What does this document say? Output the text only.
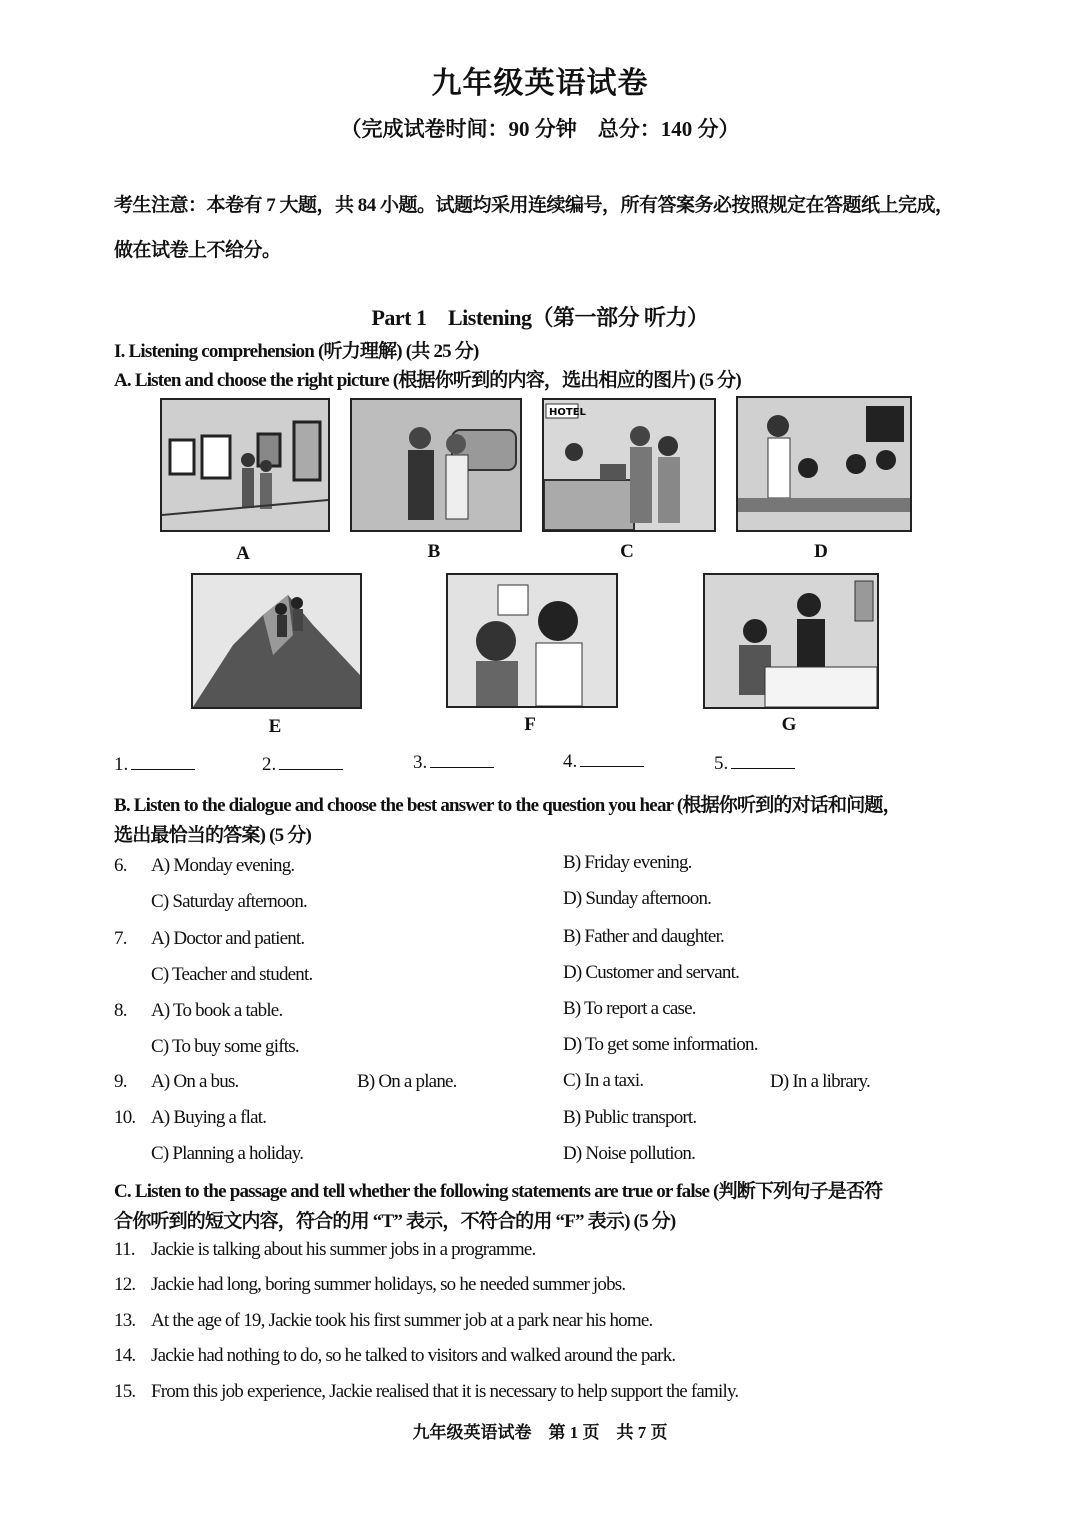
九年级英语试卷
（完成试卷时间：90 分钟　总分：140 分）
考生注意：本卷有 7 大题，共 84 小题。试题均采用连续编号，所有答案务必按照规定在答题纸上完成，
做在试卷上不给分。
Part 1　Listening（第一部分 听力）
I. Listening comprehension (听力理解) (共 25 分)
A. Listen and choose the right picture (根据你听到的内容，选出相应的图片) (5 分)
HOTEL
A	B	C	D
E	F	G
1.	2.	3.	4.	5.
B. Listen to the dialogue and choose the best answer to the question you hear (根据你听到的对话和问题，
选出最恰当的答案) (5 分)
6. A) Monday evening.	B) Friday evening.
C) Saturday afternoon.	D) Sunday afternoon.
7. A) Doctor and patient.	B) Father and daughter.
C) Teacher and student.	D) Customer and servant.
8. A) To book a table.	B) To report a case.
C) To buy some gifts.	D) To get some information.
9. A) On a bus.	B) On a plane.	C) In a taxi.	D) In a library.
10. A) Buying a flat.	B) Public transport.
C) Planning a holiday.	D) Noise pollution.
C. Listen to the passage and tell whether the following statements are true or false (判断下列句子是否符
合你听到的短文内容，符合的用 “T” 表示，不符合的用 “F” 表示) (5 分)
11. Jackie is talking about his summer jobs in a programme.
12. Jackie had long, boring summer holidays, so he needed summer jobs.
13. At the age of 19, Jackie took his first summer job at a park near his home.
14. Jackie had nothing to do, so he talked to visitors and walked around the park.
15. From this job experience, Jackie realised that it is necessary to help support the family.
九年级英语试卷　第 1 页　共 7 页
